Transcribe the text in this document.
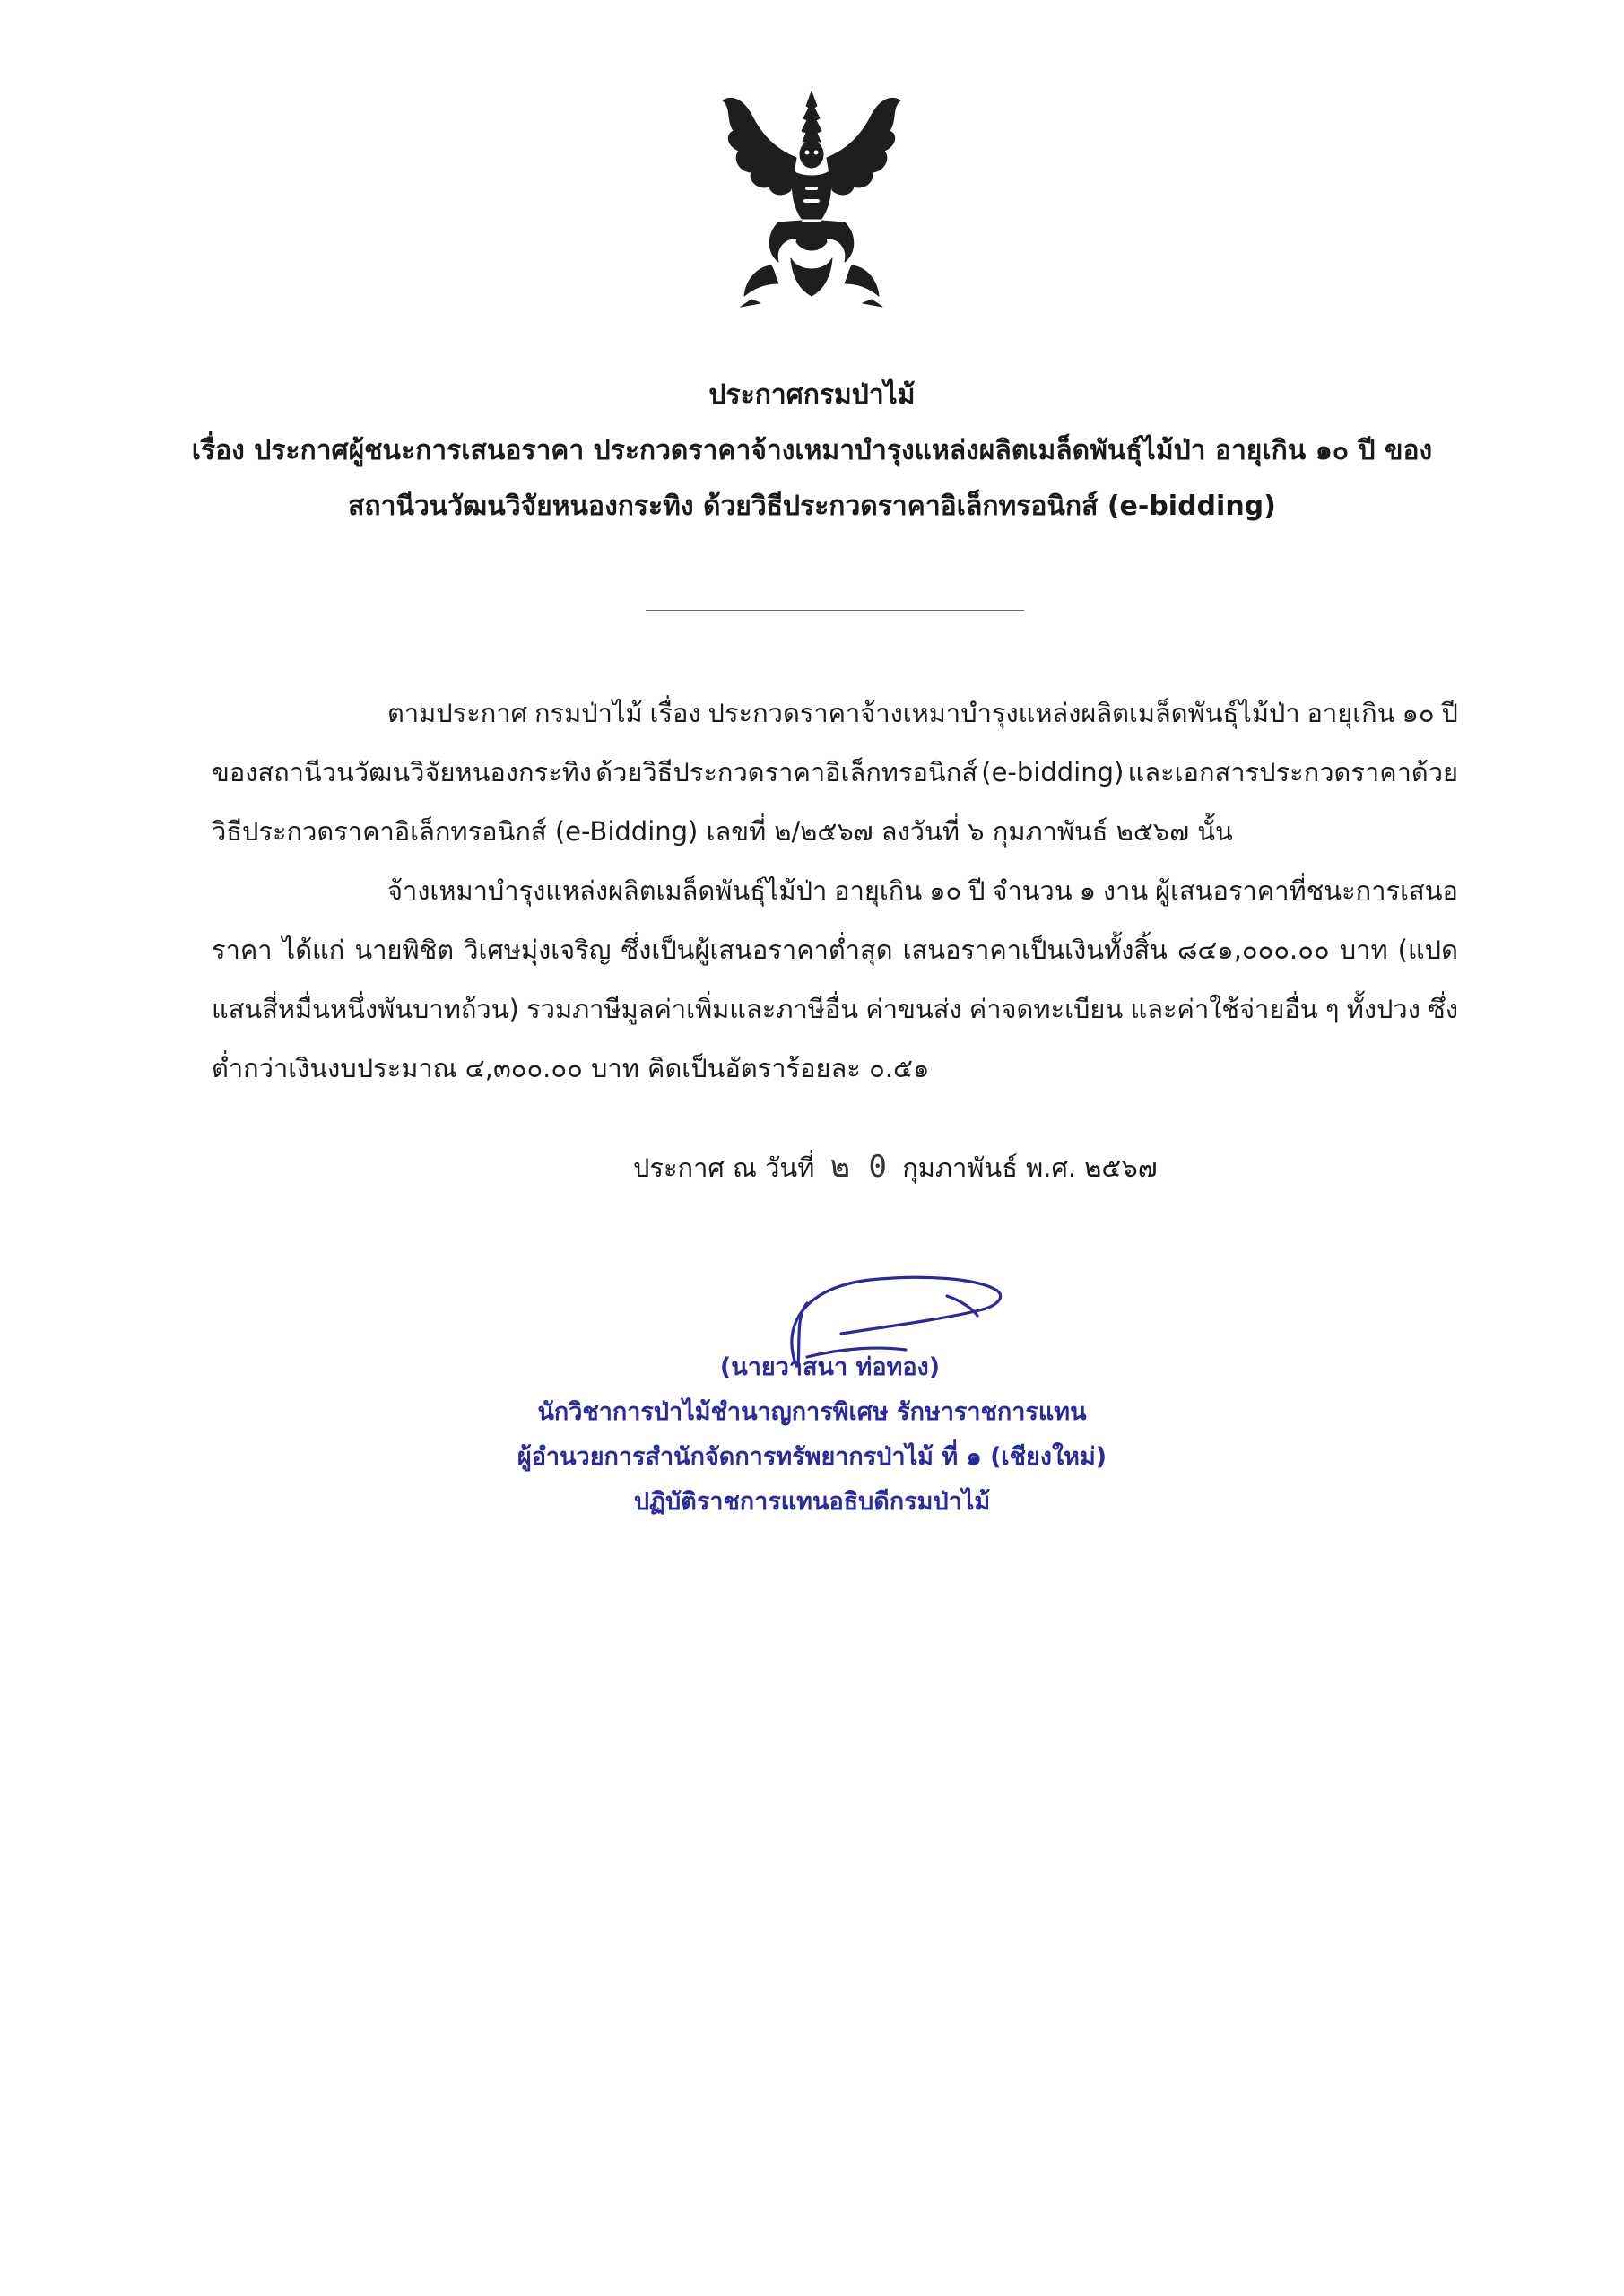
ประกาศกรมป่าไม้
เรื่อง ประกาศผู้ชนะการเสนอราคา ประกวดราคาจ้างเหมาบำรุงแหล่งผลิตเมล็ดพันธุ์ไม้ป่า อายุเกิน ๑๐ ปี ของ
สถานีวนวัฒนวิจัยหนองกระทิง ด้วยวิธีประกวดราคาอิเล็กทรอนิกส์ (e-bidding)
ตามประกาศ กรมป่าไม้ เรื่อง ประกวดราคาจ้างเหมาบำรุงแหล่งผลิตเมล็ดพันธุ์ไม้ป่า อายุเกิน ๑๐ ปี
ของสถานีวนวัฒนวิจัยหนองกระทิง ด้วยวิธีประกวดราคาอิเล็กทรอนิกส์ (e-bidding) และเอกสารประกวดราคาด้วย
วิธีประกวดราคาอิเล็กทรอนิกส์ (e-Bidding) เลขที่ ๒/๒๕๖๗ ลงวันที่ ๖ กุมภาพันธ์ ๒๕๖๗ นั้น
จ้างเหมาบำรุงแหล่งผลิตเมล็ดพันธุ์ไม้ป่า อายุเกิน ๑๐ ปี จำนวน ๑ งาน ผู้เสนอราคาที่ชนะการเสนอ
ราคา ได้แก่ นายพิชิต วิเศษมุ่งเจริญ ซึ่งเป็นผู้เสนอราคาต่ำสุด เสนอราคาเป็นเงินทั้งสิ้น ๘๔๑,๐๐๐.๐๐ บาท (แปด
แสนสี่หมื่นหนึ่งพันบาทถ้วน) รวมภาษีมูลค่าเพิ่มและภาษีอื่น ค่าขนส่ง ค่าจดทะเบียน และค่าใช้จ่ายอื่น ๆ ทั้งปวง ซึ่ง
ต่ำกว่าเงินงบประมาณ ๔,๓๐๐.๐๐ บาท คิดเป็นอัตราร้อยละ ๐.๕๑
ประกาศ ณ วันที่ ๒ 0 กุมภาพันธ์ พ.ศ. ๒๕๖๗
(นายวาสนา ท่อทอง)
นักวิชาการป่าไม้ชำนาญการพิเศษ รักษาราชการแทน
ผู้อำนวยการสำนักจัดการทรัพยากรป่าไม้ ที่ ๑ (เชียงใหม่)
ปฏิบัติราชการแทนอธิบดีกรมป่าไม้
